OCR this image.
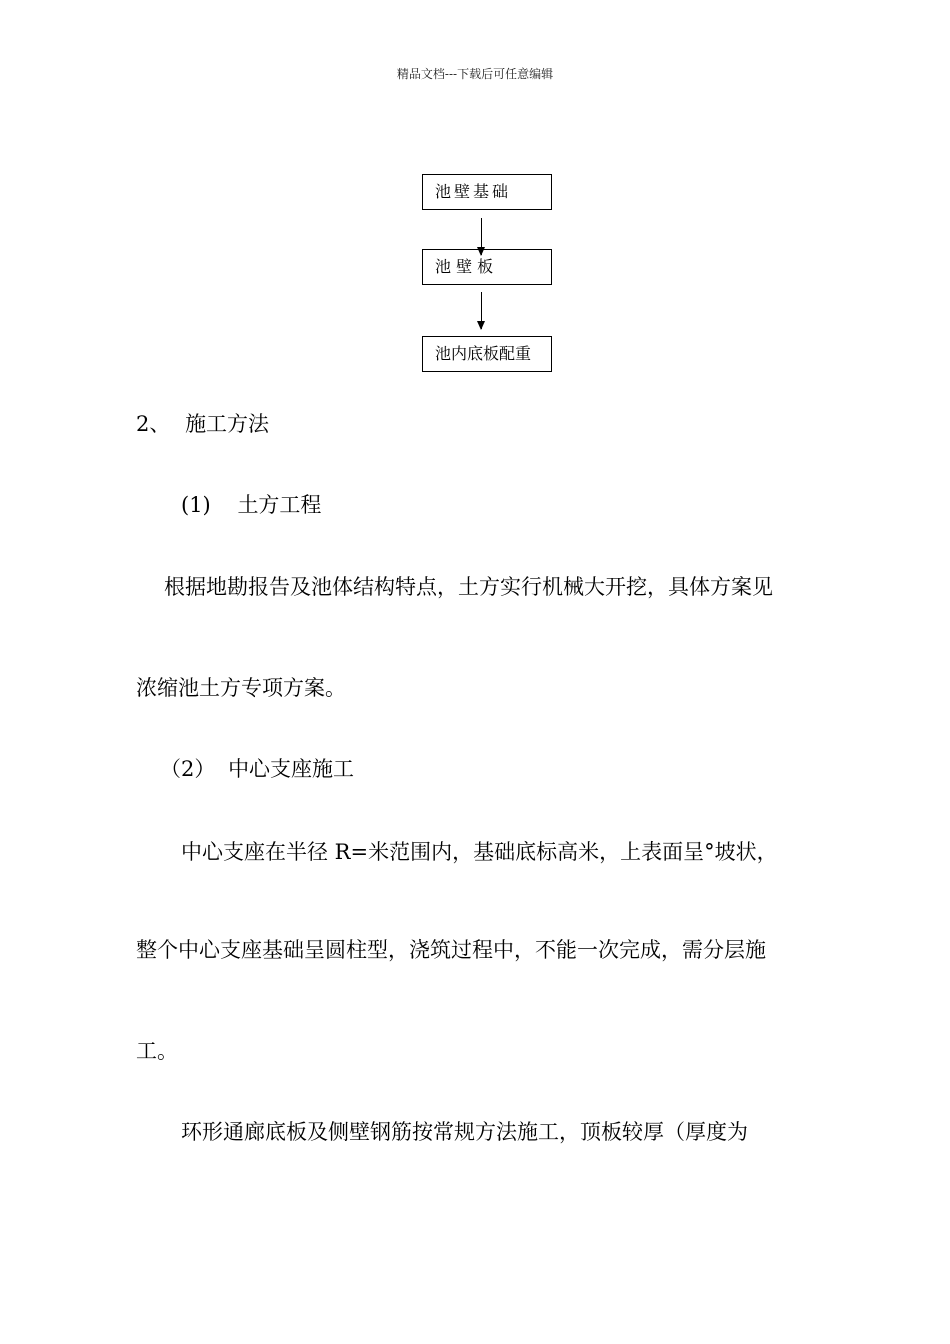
精品文档---下载后可任意编辑
池壁基础
池 壁 板
池内底板配重
2、 施工方法
(1) 土方工程
根据地勘报告及池体结构特点，土方实行机械大开挖，具体方案见
浓缩池土方专项方案。
（2） 中心支座施工
中心支座在半径 R=米范围内，基础底标高米，上表面呈°坡状，
整个中心支座基础呈圆柱型，浇筑过程中，不能一次完成，需分层施
工。
环形通廊底板及侧壁钢筋按常规方法施工，顶板较厚（厚度为
